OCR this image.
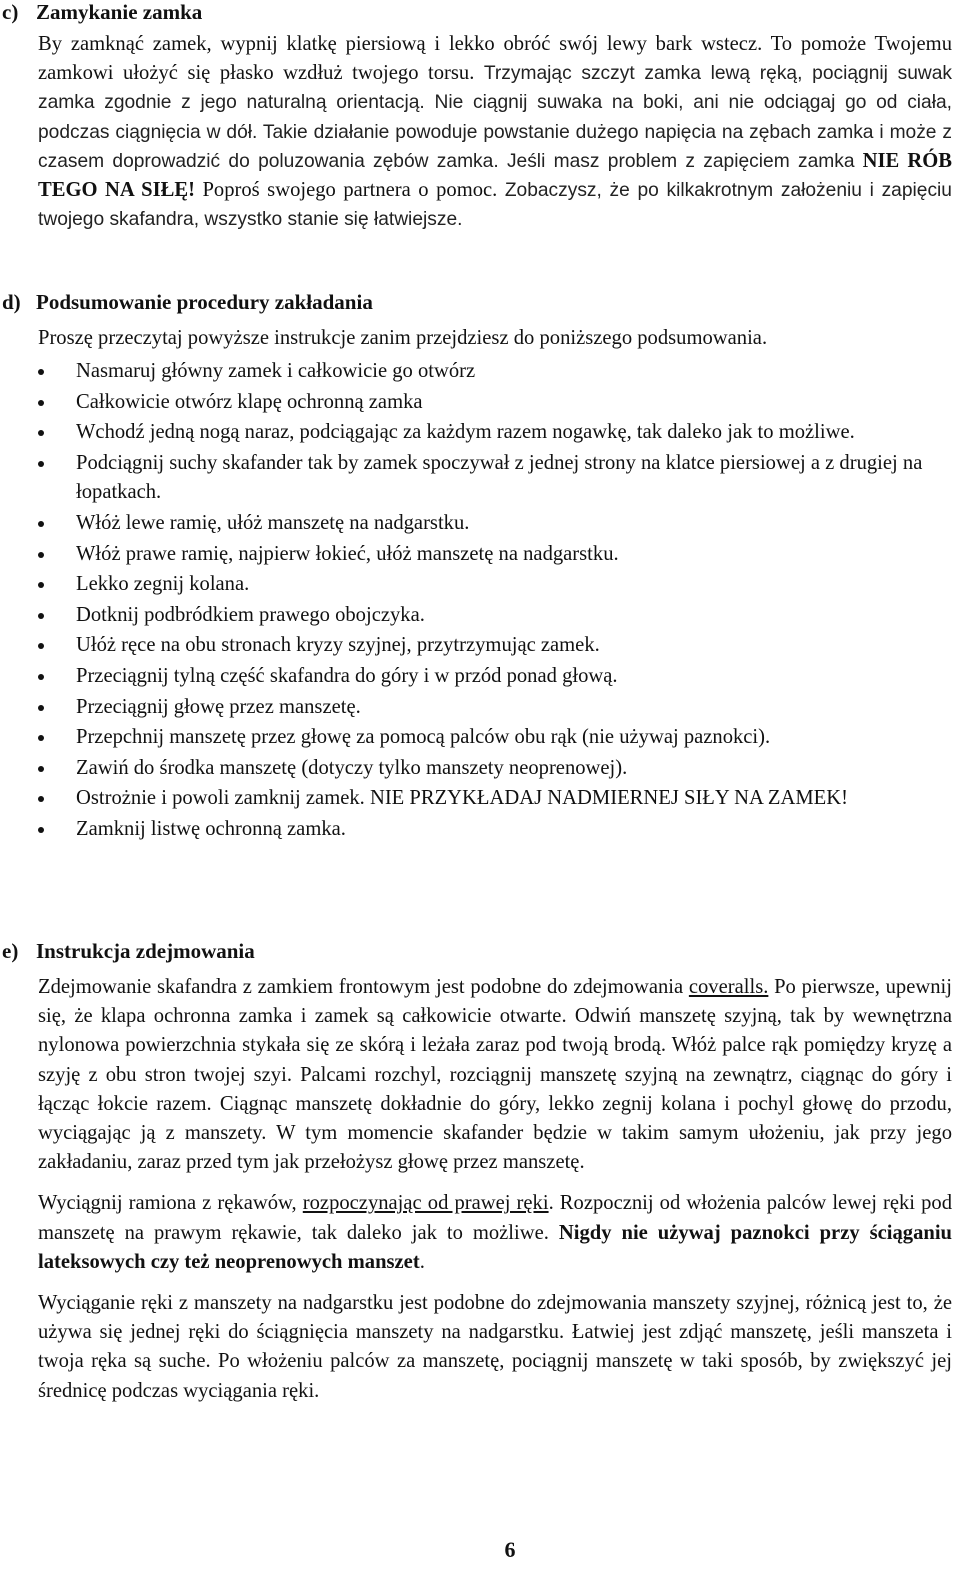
c) Zamykanie zamka

By zamknąć zamek, wypnij klatkę piersiową i lekko obróć swój lewy bark wstecz. To pomoże Twojemu zamkowi ułożyć się płasko wzdłuż twojego torsu. Trzymając szczyt zamka lewą ręką, pociągnij suwak zamka zgodnie z jego naturalną orientacją. Nie ciągnij suwaka na boki, ani nie odciągaj go od ciała, podczas ciągnięcia w dół. Takie działanie powoduje powstanie dużego napięcia na zębach zamka i może z czasem doprowadzić do poluzowania zębów zamka. Jeśli masz problem z zapięciem zamka NIE RÓB TEGO NA SIŁĘ! Poproś swojego partnera o pomoc. Zobaczysz, że po kilkakrotnym założeniu i zapięciu twojego skafandra, wszystko stanie się łatwiejsze.

d) Podsumowanie procedury zakładania

Proszę przeczytaj powyższe instrukcje zanim przejdziesz do poniższego podsumowania.

Nasmaruj główny zamek i całkowicie go otwórz
Całkowicie otwórz klapę ochronną zamka
Wchodź jedną nogą naraz, podciągając za każdym razem nogawkę, tak daleko jak to możliwe.
Podciągnij suchy skafander tak by zamek spoczywał z jednej strony na klatce piersiowej a z drugiej na łopatkach.
Włóż lewe ramię, ułóż manszetę na nadgarstku.
Włóż prawe ramię, najpierw łokieć, ułóż manszetę na nadgarstku.
Lekko zegnij kolana.
Dotknij podbródkiem prawego obojczyka.
Ułóż ręce na obu stronach kryzy szyjnej, przytrzymując zamek.
Przeciągnij tylną część skafandra do góry i w przód ponad głową.
Przeciągnij głowę przez manszetę.
Przepchnij manszetę przez głowę za pomocą palców obu rąk (nie używaj paznokci).
Zawiń do środka manszetę (dotyczy tylko manszety neoprenowej).
Ostrożnie i powoli zamknij zamek. NIE PRZYKŁADAJ NADMIERNEJ SIŁY NA ZAMEK!
Zamknij listwę ochronną zamka.
e) Instrukcja zdejmowania

Zdejmowanie skafandra z zamkiem frontowym jest podobne do zdejmowania coveralls. Po pierwsze, upewnij się, że klapa ochronna zamka i zamek są całkowicie otwarte. Odwiń manszetę szyjną, tak by wewnętrzna nylonowa powierzchnia stykała się ze skórą i leżała zaraz pod twoją brodą. Włóż palce rąk pomiędzy kryzę a szyję z obu stron twojej szyi. Palcami rozchyl, rozciągnij manszetę szyjną na zewnątrz, ciągnąc do góry i łącząc łokcie razem. Ciągnąc manszetę dokładnie do góry, lekko zegnij kolana i pochyl głowę do przodu, wyciągając ją z manszety. W tym momencie skafander będzie w takim samym ułożeniu, jak przy jego zakładaniu, zaraz przed tym jak przełożysz głowę przez manszetę.

Wyciągnij ramiona z rękawów, rozpoczynając od prawej ręki. Rozpocznij od włożenia palców lewej ręki pod manszetę na prawym rękawie, tak daleko jak to możliwe. Nigdy nie używaj paznokci przy ściąganiu lateksowych czy też neoprenowych manszet.

Wyciąganie ręki z manszety na nadgarstku jest podobne do zdejmowania manszety szyjnej, różnicą jest to, że używa się jednej ręki do ściągnięcia manszety na nadgarstku. Łatwiej jest zdjąć manszetę, jeśli manszeta i twoja ręka są suche. Po włożeniu palców za manszetę, pociągnij manszetę w taki sposób, by zwiększyć jej średnicę podczas wyciągania ręki.

6
